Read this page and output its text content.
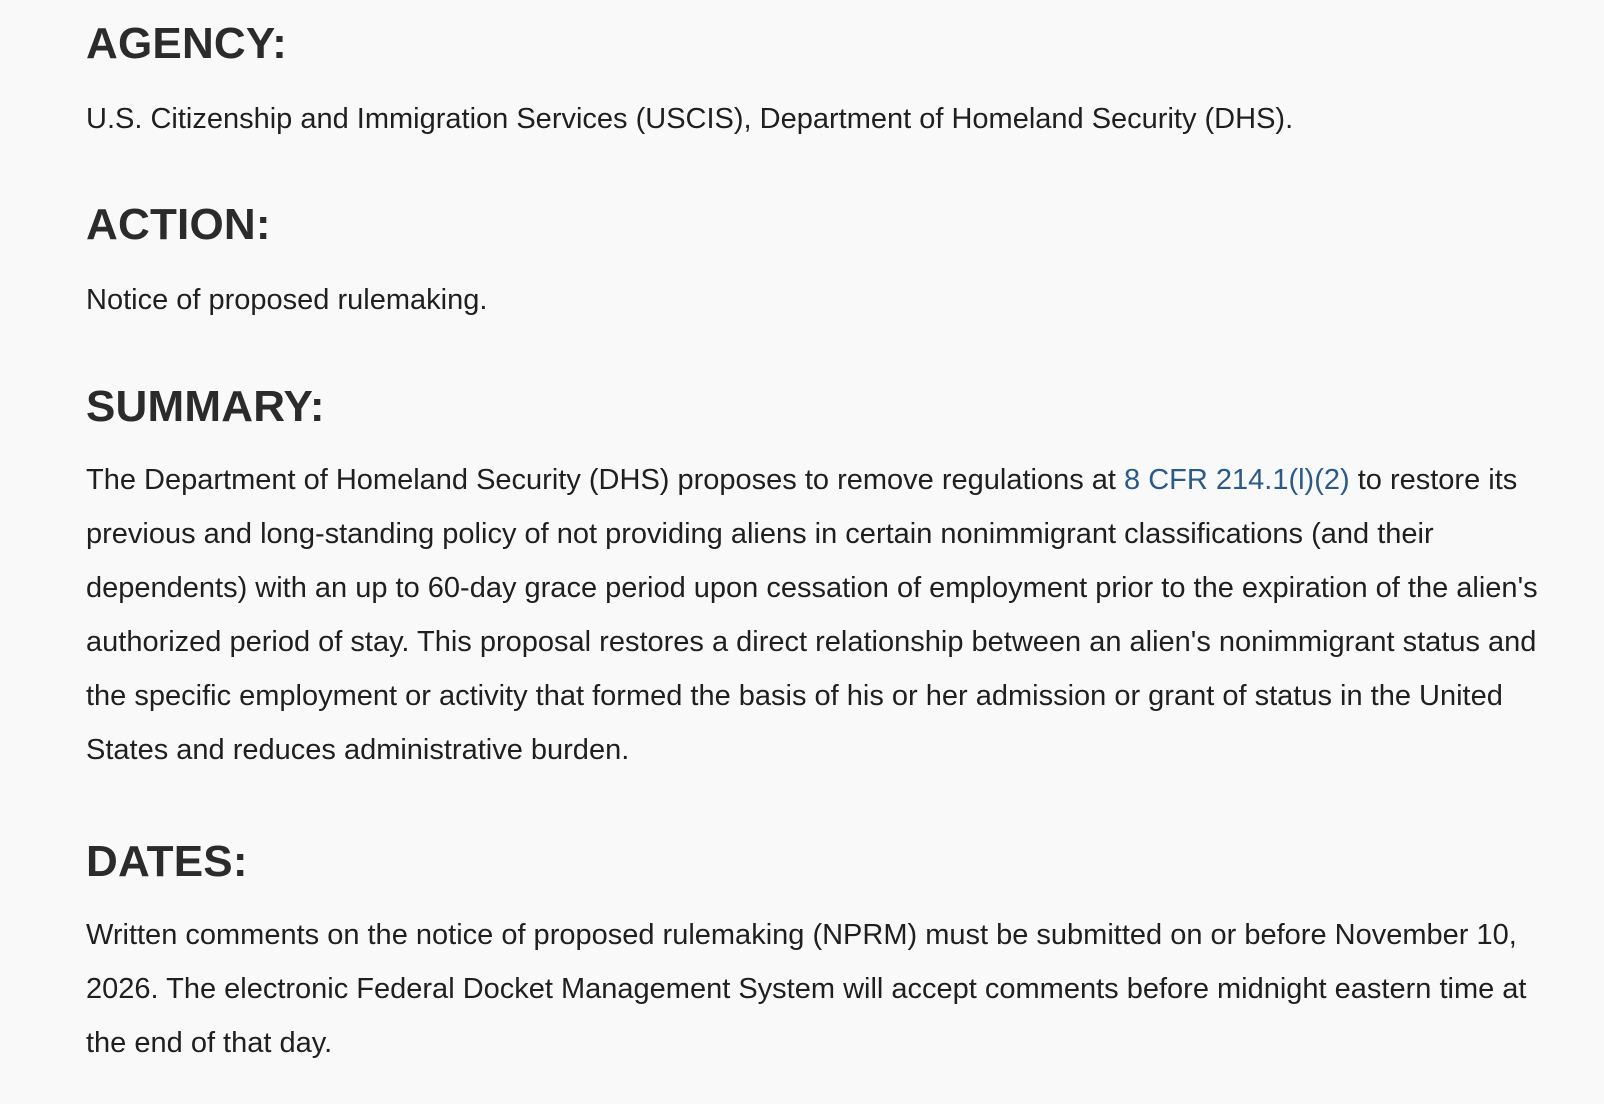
AGENCY:

U.S. Citizenship and Immigration Services (USCIS), Department of Homeland Security (DHS).

ACTION:

Notice of proposed rulemaking.

SUMMARY:

The Department of Homeland Security (DHS) proposes to remove regulations at 8 CFR 214.1(l)(2) to restore its previous and long-standing policy of not providing aliens in certain nonimmigrant classifications (and their dependents) with an up to 60-day grace period upon cessation of employment prior to the expiration of the alien's authorized period of stay. This proposal restores a direct relationship between an alien's nonimmigrant status and the specific employment or activity that formed the basis of his or her admission or grant of status in the United States and reduces administrative burden.

DATES:

Written comments on the notice of proposed rulemaking (NPRM) must be submitted on or before November 10, 2026. The electronic Federal Docket Management System will accept comments before midnight eastern time at the end of that day.
